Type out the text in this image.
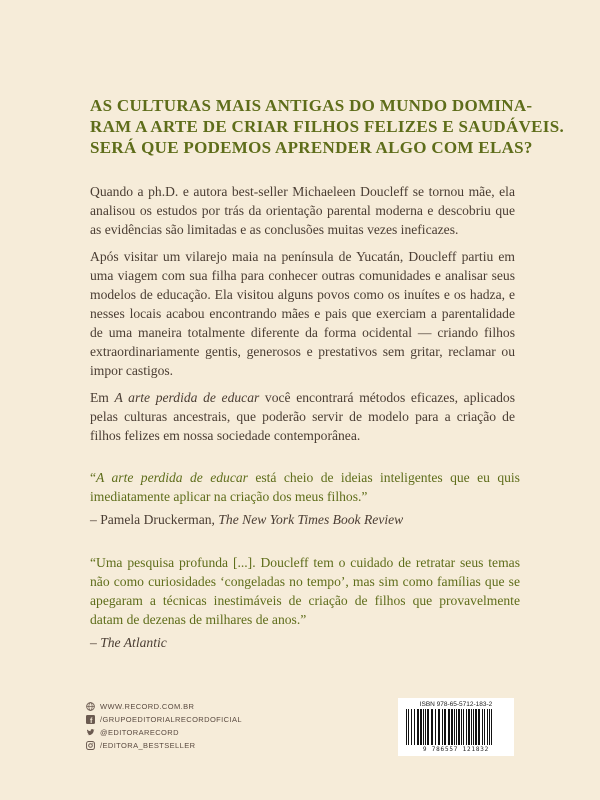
AS CULTURAS MAIS ANTIGAS DO MUNDO DOMINA-
RAM A ARTE DE CRIAR FILHOS FELIZES E SAUDÁVEIS.
SERÁ QUE PODEMOS APRENDER ALGO COM ELAS?

Quando a ph.D. e autora best-seller Michaeleen Doucleff se tornou mãe, ela analisou os estudos por trás da orientação parental moderna e descobriu que as evidências são limitadas e as conclusões muitas vezes ineficazes.

Após visitar um vilarejo maia na península de Yucatán, Doucleff partiu em uma viagem com sua filha para conhecer outras comunidades e analisar seus modelos de educação. Ela visitou alguns povos como os inuítes e os hadza, e nesses locais acabou encontrando mães e pais que exerciam a parentalidade de uma maneira totalmente diferente da forma ocidental — criando filhos extraordinariamente gentis, generosos e prestativos sem gritar, reclamar ou impor castigos.

Em A arte perdida de educar você encontrará métodos eficazes, aplicados pelas culturas ancestrais, que poderão servir de modelo para a criação de filhos felizes em nossa sociedade contemporânea.

“A arte perdida de educar está cheio de ideias inteligentes que eu quis imediatamente aplicar na criação dos meus filhos.”
– Pamela Druckerman, The New York Times Book Review
“Uma pesquisa profunda [...]. Doucleff tem o cuidado de retratar seus temas não como curiosidades ‘congeladas no tempo’, mas sim como famílias que se apegaram a técnicas inestimáveis de criação de filhos que provavelmente datam de dezenas de milhares de anos.”
– The Atlantic
WWW.RECORD.COM.BR
f /GRUPOEDITORIALRECORDOFICIAL
@EDITORARECORD
/EDITORA_BESTSELLER
ISBN 978-65-5712-183-2
9 786557 121832
